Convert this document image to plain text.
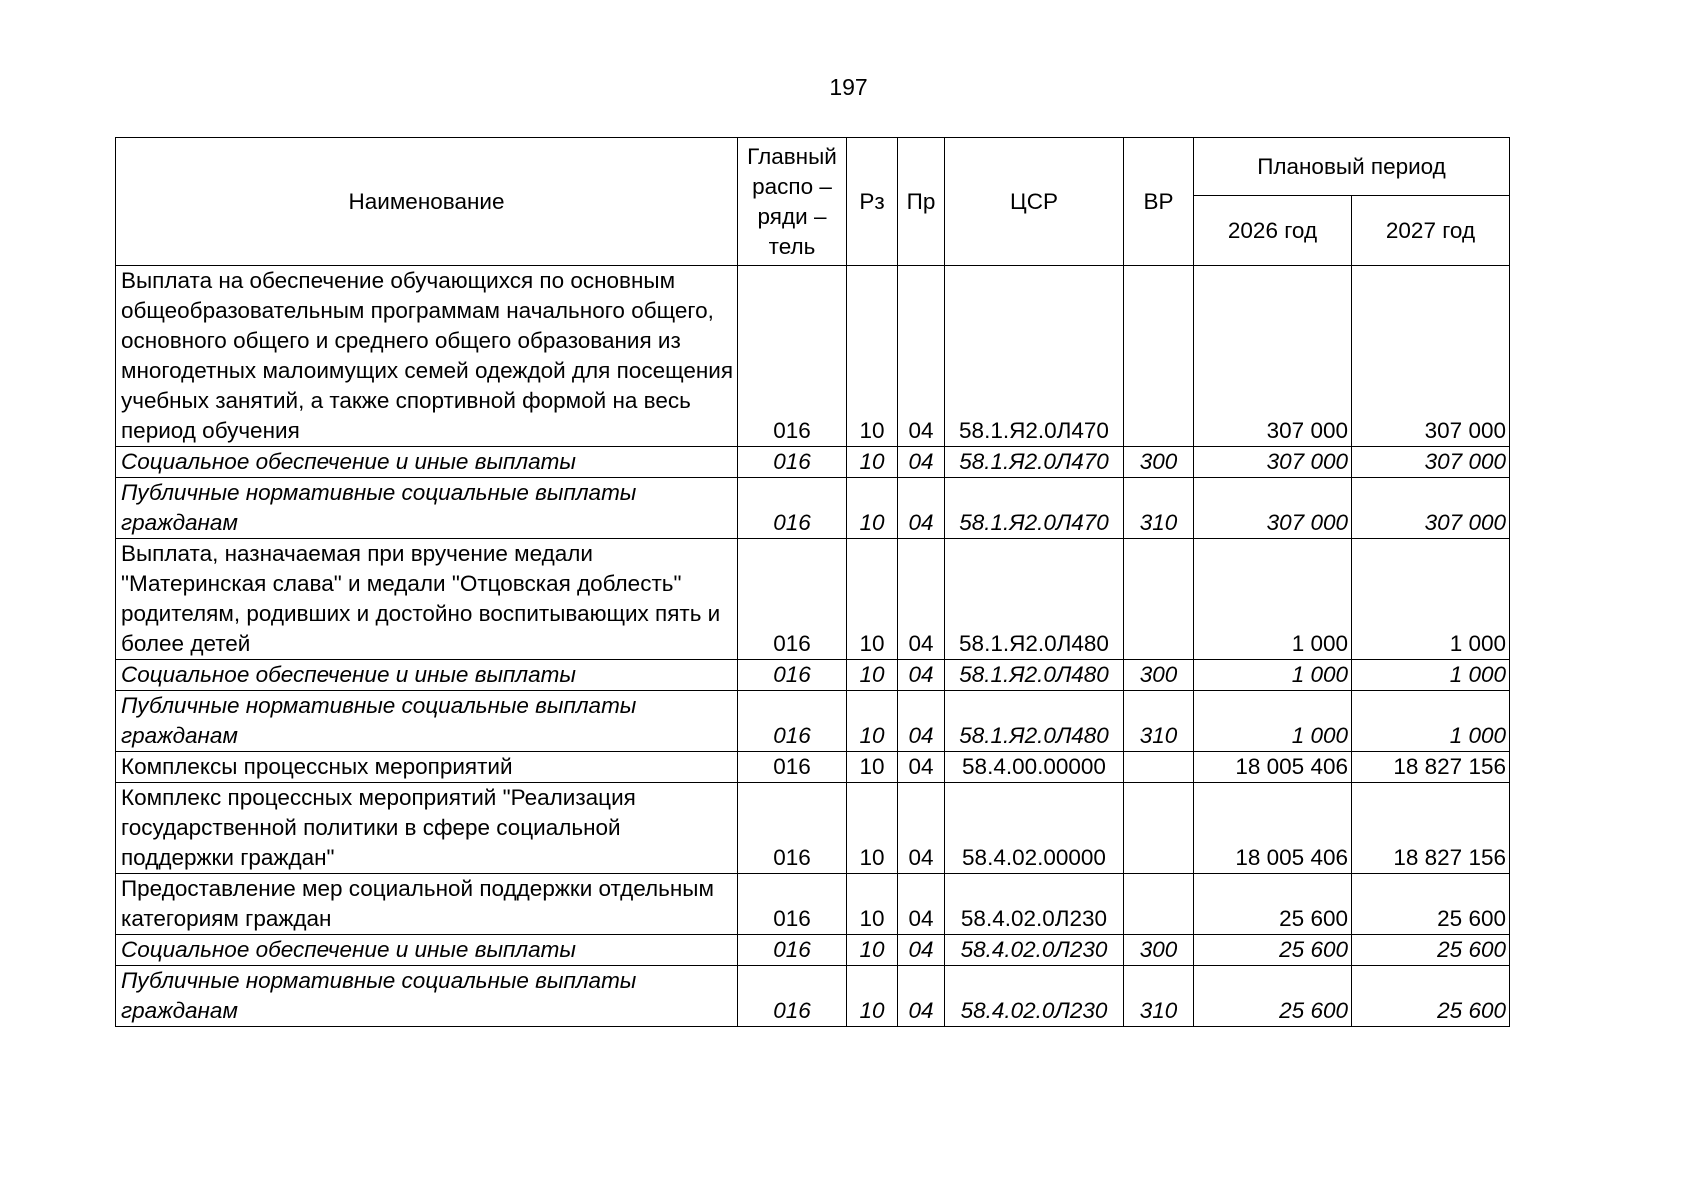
197
Наименование	Главный распо – ряди – тель	Рз	Пр	ЦСР	ВР	Плановый период	
						2026 год	2027 год
Выплата на обеспечение обучающихся по основным общеобразовательным программам начального общего, основного общего и среднего общего образования из многодетных малоимущих семей одеждой для посещения учебных занятий, а также спортивной формой на весь период обучения	016	10	04	58.1.Я2.0Л470		307 000	307 000
Социальное обеспечение и иные выплаты	016	10	04	58.1.Я2.0Л470	300	307 000	307 000
Публичные нормативные социальные выплаты гражданам	016	10	04	58.1.Я2.0Л470	310	307 000	307 000
Выплата, назначаемая при вручение медали "Материнская слава" и медали "Отцовская доблесть" родителям, родивших и достойно воспитывающих пять и более детей	016	10	04	58.1.Я2.0Л480		1 000	1 000
Социальное обеспечение и иные выплаты	016	10	04	58.1.Я2.0Л480	300	1 000	1 000
Публичные нормативные социальные выплаты гражданам	016	10	04	58.1.Я2.0Л480	310	1 000	1 000
Комплексы процессных мероприятий	016	10	04	58.4.00.00000		18 005 406	18 827 156
Комплекс процессных мероприятий "Реализация государственной политики в сфере социальной поддержки граждан"	016	10	04	58.4.02.00000		18 005 406	18 827 156
Предоставление мер социальной поддержки отдельным категориям граждан	016	10	04	58.4.02.0Л230		25 600	25 600
Социальное обеспечение и иные выплаты	016	10	04	58.4.02.0Л230	300	25 600	25 600
Публичные нормативные социальные выплаты гражданам	016	10	04	58.4.02.0Л230	310	25 600	25 600
